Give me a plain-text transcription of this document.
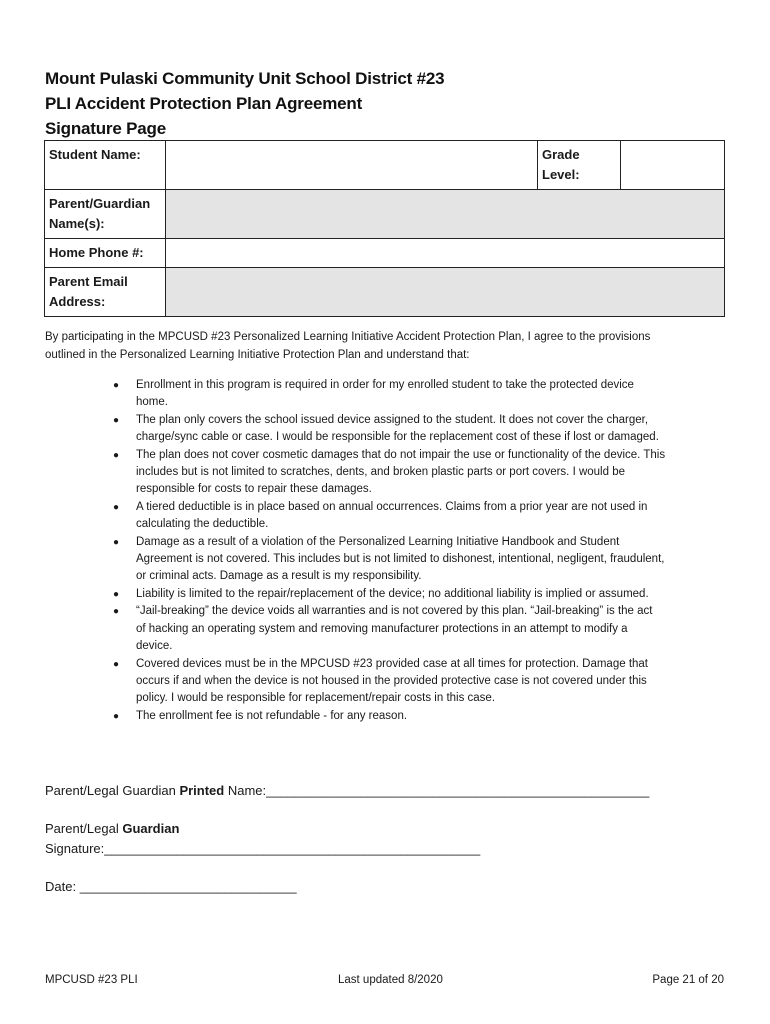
Mount Pulaski Community Unit School District #23
PLI Accident Protection Plan Agreement
Signature Page
Student Name:		Grade
Level:	

Parent/Guardian
Name(s):			

Home Phone #:			

Parent Email
Address:			

By participating in the MPCUSD #23 Personalized Learning Initiative Accident Protection Plan, I agree to the provisions
outlined in the Personalized Learning Initiative Protection Plan and understand that:
● Enrollment in this program is required in order for my enrolled student to take the protected device
home.
● The plan only covers the school issued device assigned to the student. It does not cover the charger,
charge/sync cable or case. I would be responsible for the replacement cost of these if lost or damaged.
● The plan does not cover cosmetic damages that do not impair the use or functionality of the device. This
includes but is not limited to scratches, dents, and broken plastic parts or port covers. I would be
responsible for costs to repair these damages.
● A tiered deductible is in place based on annual occurrences. Claims from a prior year are not used in
calculating the deductible.
● Damage as a result of a violation of the Personalized Learning Initiative Handbook and Student
Agreement is not covered. This includes but is not limited to dishonest, intentional, negligent, fraudulent,
or criminal acts. Damage as a result is my responsibility.
● Liability is limited to the repair/replacement of the device; no additional liability is implied or assumed.
● “Jail-breaking” the device voids all warranties and is not covered by this plan. “Jail-breaking” is the act
of hacking an operating system and removing manufacturer protections in an attempt to modify a
device.
● Covered devices must be in the MPCUSD #23 provided case at all times for protection. Damage that
occurs if and when the device is not housed in the provided protective case is not covered under this
policy. I would be responsible for replacement/repair costs in this case.
● The enrollment fee is not refundable - for any reason.
Parent/Legal Guardian Printed Name:_____________________________________________________
Parent/Legal Guardian
Signature:____________________________________________________
Date: ______________________________
MPCUSD #23 PLI	Last updated 8/2020	Page 21 of 20
